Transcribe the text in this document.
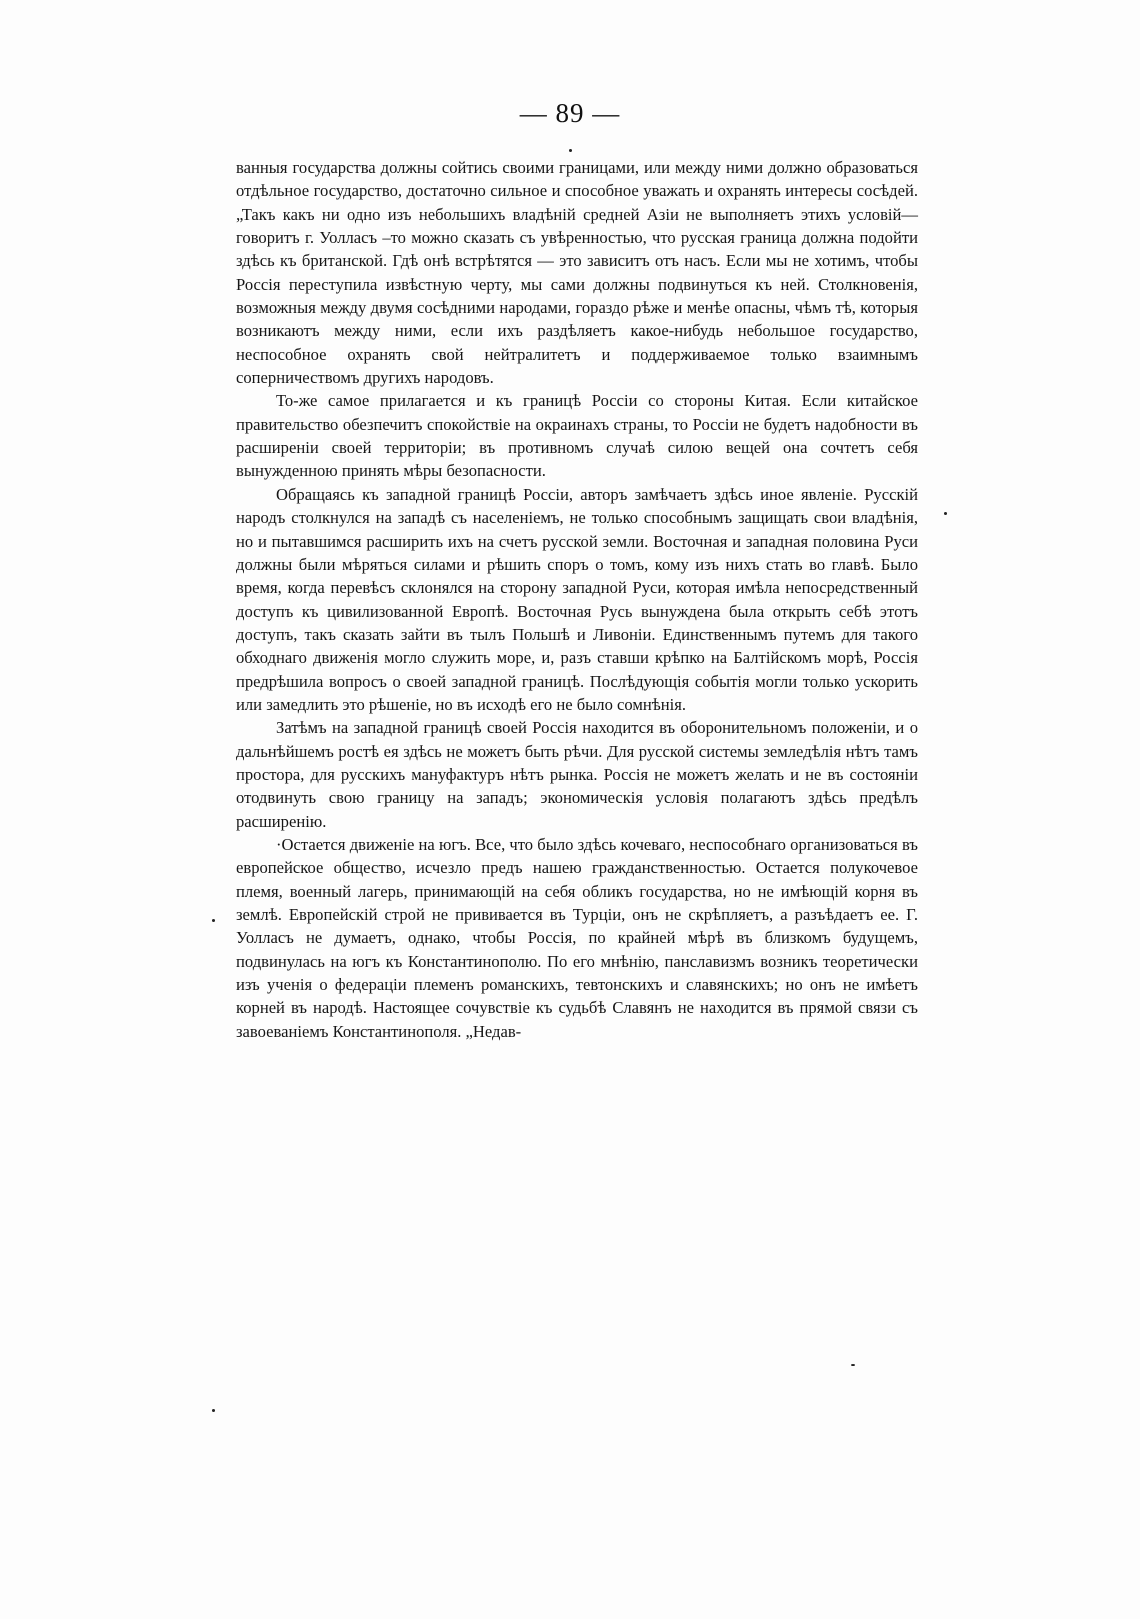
— 89 —

ванныя государства должны сойтись своими границами, или между ними должно образоваться отдѣльное государство, достаточно сильное и способное уважать и охранять интересы сосѣдей. „Такъ какъ ни одно изъ небольшихъ владѣній средней Азіи не выполняетъ этихъ условій— говоритъ г. Уолласъ –то можно сказать съ увѣренностью, что русская граница должна подойти здѣсь къ британской. Гдѣ онѣ встрѣтятся — это зависитъ отъ насъ. Если мы не хотимъ, чтобы Россія переступила извѣстную черту, мы сами должны подвинуться къ ней. Столкновенія, возможныя между двумя сосѣдними народами, гораздо рѣже и менѣе опасны, чѣмъ тѣ, которыя возникаютъ между ними, если ихъ раздѣляетъ какое-нибудь небольшое государство, неспособное охранять свой нейтралитетъ и поддерживаемое только взаимнымъ соперничествомъ другихъ народовъ.

То-же самое прилагается и къ границѣ Россіи со стороны Китая. Если китайское правительство обезпечитъ спокойствіе на окраинахъ страны, то Россіи не будетъ надобности въ расширеніи своей территоріи; въ противномъ случаѣ силою вещей она сочтетъ себя вынужденною принять мѣры безопасности.

Обращаясь къ западной границѣ Россіи, авторъ замѣчаетъ здѣсь иное явленіе. Русскій народъ столкнулся на западѣ съ населеніемъ, не только способнымъ защищать свои владѣнія, но и пытавшимся расширить ихъ на счетъ русской земли. Восточная и западная половина Руси должны были мѣряться силами и рѣшить споръ о томъ, кому изъ нихъ стать во главѣ. Было время, когда перевѣсъ склонялся на сторону западной Руси, которая имѣла непосредственный доступъ къ цивилизованной Европѣ. Восточная Русь вынуждена была открыть себѣ этотъ доступъ, такъ сказать зайти въ тылъ Польшѣ и Ливоніи. Единственнымъ путемъ для такого обходнаго движенія могло служить море, и, разъ ставши крѣпко на Балтійскомъ морѣ, Россія предрѣшила вопросъ о своей западной границѣ. Послѣдующія событія могли только ускорить или замедлить это рѣшеніе, но въ исходѣ его не было сомнѣнія.

Затѣмъ на западной границѣ своей Россія находится въ оборонительномъ положеніи, и о дальнѣйшемъ ростѣ ея здѣсь не можетъ быть рѣчи. Для русской системы земледѣлія нѣтъ тамъ простора, для русскихъ мануфактуръ нѣтъ рынка. Россія не можетъ желать и не въ состояніи отодвинуть свою границу на западъ; экономическія условія полагаютъ здѣсь предѣлъ расширенію.

·Остается движеніе на югъ. Все, что было здѣсь кочеваго, неспособнаго организоваться въ европейское общество, исчезло предъ нашею гражданственностью. Остается полукочевое племя, военный лагерь, принимающій на себя обликъ государства, но не имѣющій корня въ землѣ. Европейскій строй не прививается въ Турціи, онъ не скрѣпляетъ, а разъѣдаетъ ее. Г. Уолласъ не думаетъ, однако, чтобы Россія, по крайней мѣрѣ въ близкомъ будущемъ, подвинулась на югъ къ Константинополю. По его мнѣнію, панславизмъ возникъ теоретически изъ ученія о федераціи племенъ романскихъ, тевтонскихъ и славянскихъ; но онъ не имѣетъ корней въ народѣ. Настоящее сочувствіе къ судьбѣ Славянъ не находится въ прямой связи съ завоеваніемъ Константинополя. „Недав-
